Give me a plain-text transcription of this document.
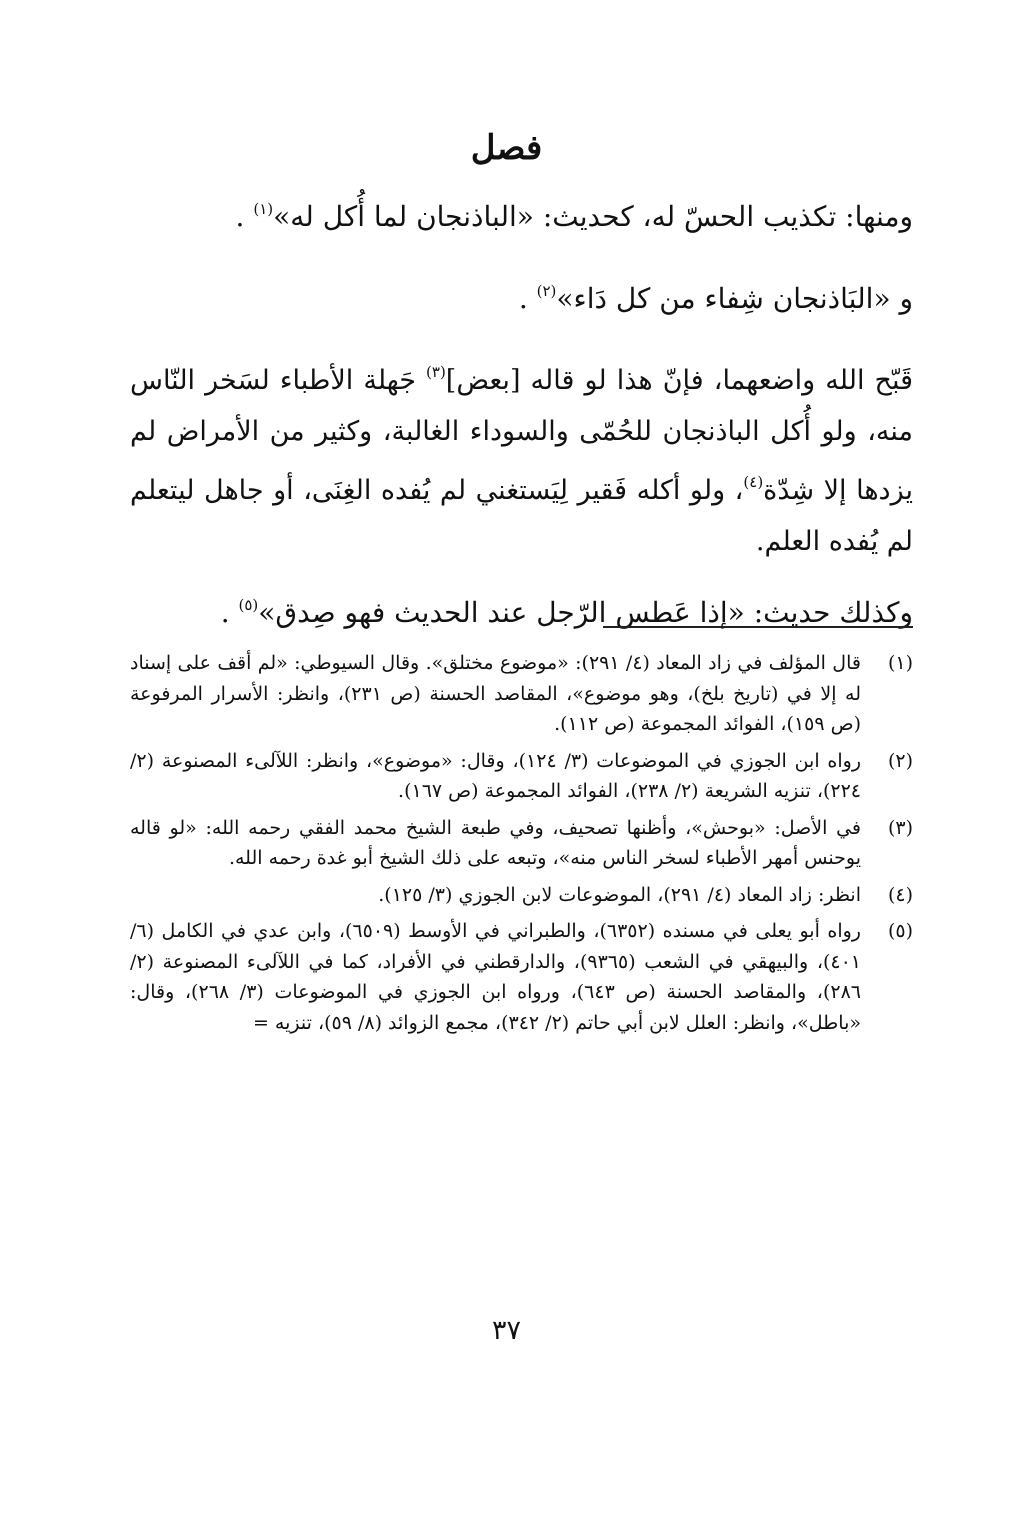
فصل
ومنها: تكذيب الحسّ له، كحديث: «الباذنجان لما أُكل له»$^{(١)}$ .
و «البَاذنجان شِفاء من كل دَاء»$^{(٢)}$ .
قَبّح الله واضعهما، فإنّ هذا لو قاله [بعض]$^{(٣)}$ جَهلة الأطباء لسَخر النّاس منه، ولو أُكل الباذنجان للحُمّى والسوداء الغالبة، وكثير من الأمراض لم يزدها إلا شِدّة$^{(٤)}$، ولو أكله فَقير لِيَستغني لم يُفده الغِنَى، أو جاهل ليتعلم لم يُفده العلم.
وكذلك حديث: «إذا عَطس الرّجل عند الحديث فهو صِدق»$^{(٥)}$ .
(١)
قال المؤلف في زاد المعاد (٤/ ٢٩١): «موضوع مختلق». وقال السيوطي: «لم أقف على إسناد له إلا في (تاريخ بلخ)، وهو موضوع»، المقاصد الحسنة (ص ٢٣١)، وانظر: الأسرار المرفوعة (ص ١٥٩)، الفوائد المجموعة (ص ١١٢).
(٢)
رواه ابن الجوزي في الموضوعات (٣/ ١٢٤)، وقال: «موضوع»، وانظر: اللآلىء المصنوعة (٢/ ٢٢٤)، تنزيه الشريعة (٢/ ٢٣٨)، الفوائد المجموعة (ص ١٦٧).
(٣)
في الأصل: «بوحش»، وأظنها تصحيف، وفي طبعة الشيخ محمد الفقي رحمه الله: «لو قاله يوحنس أمهر الأطباء لسخر الناس منه»، وتبعه على ذلك الشيخ أبو غدة رحمه الله.
(٤)
انظر: زاد المعاد (٤/ ٢٩١)، الموضوعات لابن الجوزي (٣/ ١٢٥).
(٥)
رواه أبو يعلى في مسنده (٦٣٥٢)، والطبراني في الأوسط (٦٥٠٩)، وابن عدي في الكامل (٦/ ٤٠١)، والبيهقي في الشعب (٩٣٦٥)، والدارقطني في الأفراد، كما في اللآلىء المصنوعة (٢/ ٢٨٦)، والمقاصد الحسنة (ص ٦٤٣)، ورواه ابن الجوزي في الموضوعات (٣/ ٢٦٨)، وقال: «باطل»، وانظر: العلل لابن أبي حاتم (٢/ ٣٤٢)، مجمع الزوائد (٨/ ٥٩)، تنزيه =
٣٧
